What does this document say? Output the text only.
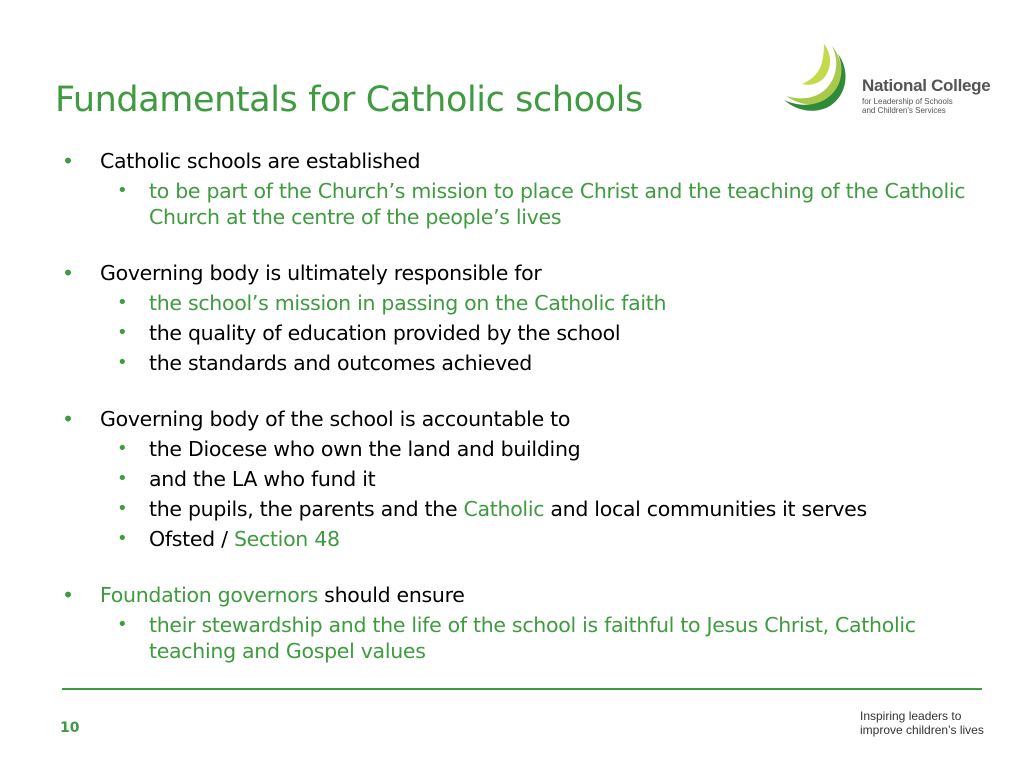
Fundamentals for Catholic schools	National College
for Leadership of Schools
and Children's Services
• Catholic schools are established
• to be part of the Church’s mission to place Christ and the teaching of the Catholic Church at the centre of the people’s lives
• Governing body is ultimately responsible for
• the school’s mission in passing on the Catholic faith
• the quality of education provided by the school
• the standards and outcomes achieved
• Governing body of the school is accountable to
• the Diocese who own the land and building
• and the LA who fund it
• the pupils, the parents and the Catholic and local communities it serves
• Ofsted / Section 48
• Foundation governors should ensure
• their stewardship and the life of the school is faithful to Jesus Christ, Catholic teaching and Gospel values
10
Inspiring leaders to
improve children’s lives
